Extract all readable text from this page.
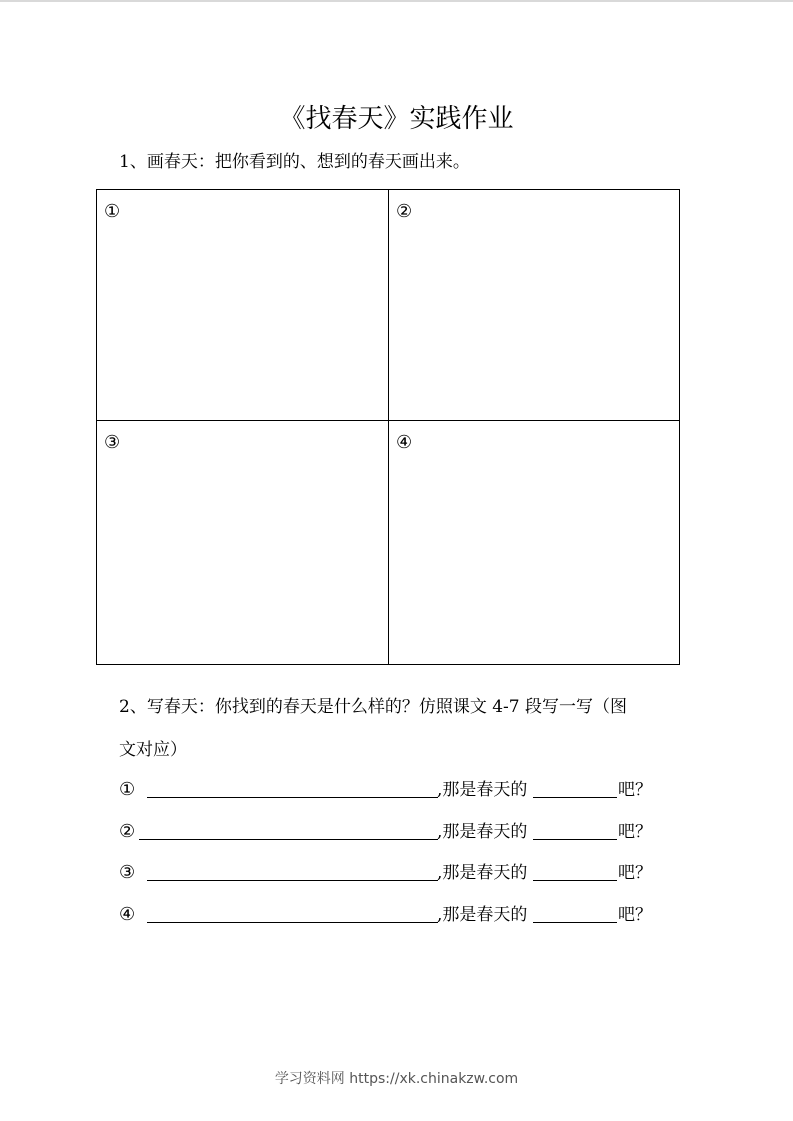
《找春天》实践作业
1、画春天：把你看到的、想到的春天画出来。
①	②
③	④
2、写春天：你找到的春天是什么样的？仿照课文 4-7 段写一写（图
文对应）
①	,那是春天的	吧？
②	,那是春天的	吧？
③	,那是春天的	吧？
④	,那是春天的	吧？
学习资料网 https://xk.chinakzw.com
